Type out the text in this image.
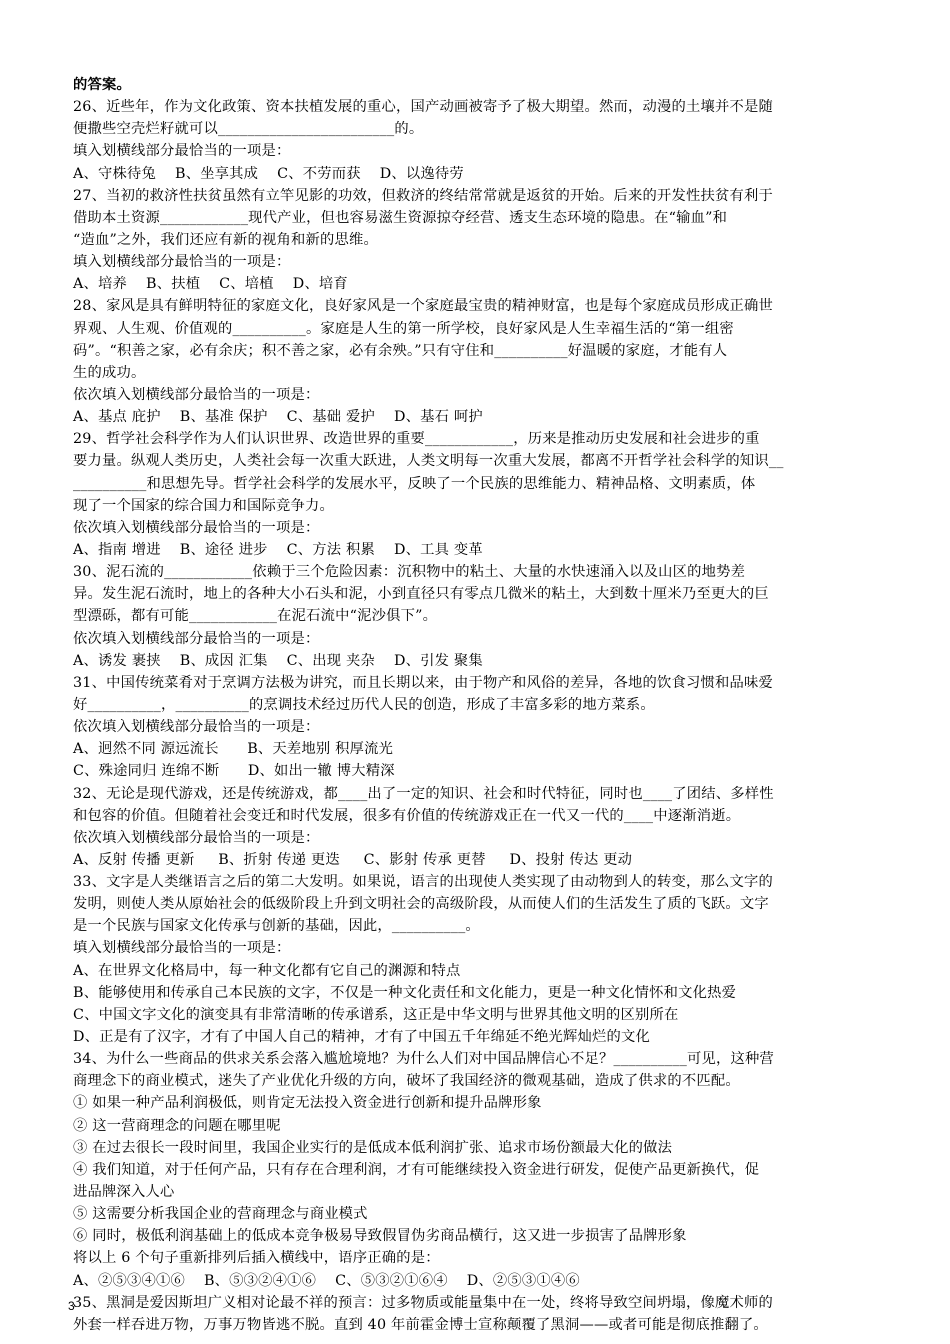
的答案。
26、近些年，作为文化政策、资本扶植发展的重心，国产动画被寄予了极大期望。然而，动漫的土壤并不是随
便撒些空壳烂籽就可以________________________的。
填入划横线部分最恰当的一项是：
A、守株待兔    B、坐享其成    C、不劳而获    D、以逸待劳
27、当初的救济性扶贫虽然有立竿见影的功效，但救济的终结常常就是返贫的开始。后来的开发性扶贫有利于
借助本土资源____________现代产业，但也容易滋生资源掠夺经营、透支生态环境的隐患。在“输血”和
“造血”之外，我们还应有新的视角和新的思维。
填入划横线部分最恰当的一项是：
A、培养    B、扶植    C、培植    D、培育
28、家风是具有鲜明特征的家庭文化，良好家风是一个家庭最宝贵的精神财富，也是每个家庭成员形成正确世
界观、人生观、价值观的__________。家庭是人生的第一所学校，良好家风是人生幸福生活的“第一组密
码”。“积善之家，必有余庆；积不善之家，必有余殃。”只有守住和__________好温暖的家庭，才能有人
生的成功。
依次填入划横线部分最恰当的一项是：
A、基点 庇护    B、基准 保护    C、基础 爱护    D、基石 呵护
29、哲学社会科学作为人们认识世界、改造世界的重要____________，历来是推动历史发展和社会进步的重
要力量。纵观人类历史，人类社会每一次重大跃进，人类文明每一次重大发展，都离不开哲学社会科学的知识__
__________和思想先导。哲学社会科学的发展水平，反映了一个民族的思维能力、精神品格、文明素质，体
现了一个国家的综合国力和国际竞争力。
依次填入划横线部分最恰当的一项是：
A、指南 增进    B、途径 进步    C、方法 积累    D、工具 变革
30、泥石流的____________依赖于三个危险因素：沉积物中的粘土、大量的水快速涌入以及山区的地势差
异。发生泥石流时，地上的各种大小石头和泥，小到直径只有零点几微米的粘土，大到数十厘米乃至更大的巨
型漂砾，都有可能____________在泥石流中“泥沙俱下”。
依次填入划横线部分最恰当的一项是：
A、诱发 裹挟    B、成因 汇集    C、出现 夹杂    D、引发 聚集
31、中国传统菜肴对于烹调方法极为讲究，而且长期以来，由于物产和风俗的差异，各地的饮食习惯和品味爱
好__________，__________的烹调技术经过历代人民的创造，形成了丰富多彩的地方菜系。
依次填入划横线部分最恰当的一项是：
A、迥然不同 源远流长      B、天差地别 积厚流光
C、殊途同归 连绵不断      D、如出一辙 博大精深
32、无论是现代游戏，还是传统游戏，都____出了一定的知识、社会和时代特征，同时也____了团结、多样性
和包容的价值。但随着社会变迁和时代发展，很多有价值的传统游戏正在一代又一代的____中逐渐消逝。
依次填入划横线部分最恰当的一项是：
A、反射 传播 更新     B、折射 传递 更迭     C、影射 传承 更替     D、投射 传达 更动
33、文字是人类继语言之后的第二大发明。如果说，语言的出现使人类实现了由动物到人的转变，那么文字的
发明，则使人类从原始社会的低级阶段上升到文明社会的高级阶段，从而使人们的生活发生了质的飞跃。文字
是一个民族与国家文化传承与创新的基础，因此，__________。
填入划横线部分最恰当的一项是：
A、在世界文化格局中，每一种文化都有它自己的渊源和特点
B、能够使用和传承自己本民族的文字，不仅是一种文化责任和文化能力，更是一种文化情怀和文化热爱
C、中国文字文化的演变具有非常清晰的传承谱系，这正是中华文明与世界其他文明的区别所在
D、正是有了汉字，才有了中国人自己的精神，才有了中国五千年绵延不绝光辉灿烂的文化
34、为什么一些商品的供求关系会落入尴尬境地？为什么人们对中国品牌信心不足？__________可见，这种营
商理念下的商业模式，迷失了产业优化升级的方向，破坏了我国经济的微观基础，造成了供求的不匹配。
① 如果一种产品利润极低，则肯定无法投入资金进行创新和提升品牌形象
② 这一营商理念的问题在哪里呢
③ 在过去很长一段时间里，我国企业实行的是低成本低利润扩张、追求市场份额最大化的做法
④ 我们知道，对于任何产品，只有存在合理利润，才有可能继续投入资金进行研发，促使产品更新换代，促
进品牌深入人心
⑤ 这需要分析我国企业的营商理念与商业模式
⑥ 同时，极低利润基础上的低成本竞争极易导致假冒伪劣商品横行，这又进一步损害了品牌形象
将以上 6 个句子重新排列后插入横线中，语序正确的是：
A、②⑤③④①⑥    B、⑤③②④①⑥    C、⑤③②①⑥④    D、②⑤③①④⑥
35、黑洞是爱因斯坦广义相对论最不祥的预言：过多物质或能量集中在一处，终将导致空间坍塌，像魔术师的
外套一样吞进万物，万事万物皆逃不脱。直到 40 年前霍金博士宣称颠覆了黑洞——或者可能是彻底推翻了。
3
